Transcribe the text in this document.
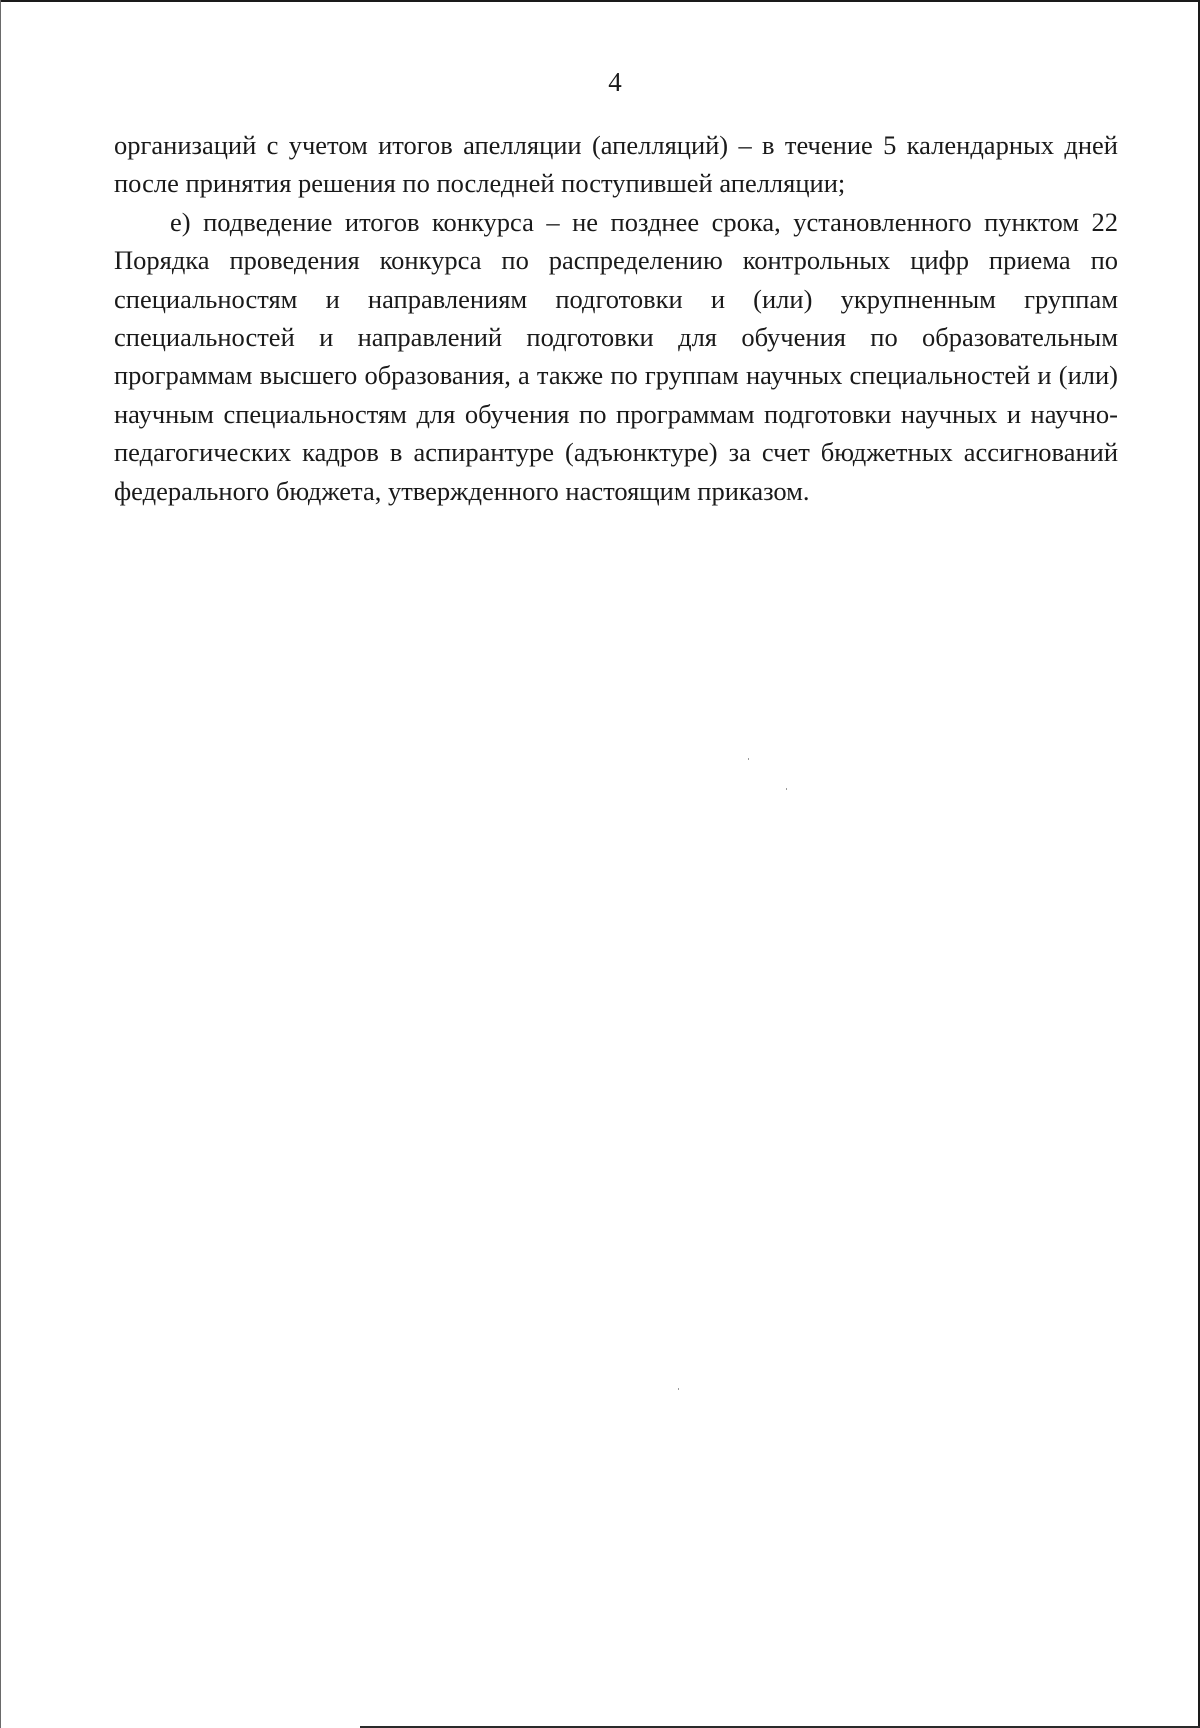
4

организаций с учетом итогов апелляции (апелляций) – в течение 5 календарных дней после принятия решения по последней поступившей апелляции;

е) подведение итогов конкурса – не позднее срока, установленного пунктом 22 Порядка проведения конкурса по распределению контрольных цифр приема по специальностям и направлениям подготовки и (или) укрупненным группам специальностей и направлений подготовки для обучения по образовательным программам высшего образования, а также по группам научных специальностей и (или) научным специальностям для обучения по программам подготовки научных и научно-педагогических кадров в аспирантуре (адъюнктуре) за счет бюджетных ассигнований федерального бюджета, утвержденного настоящим приказом.
